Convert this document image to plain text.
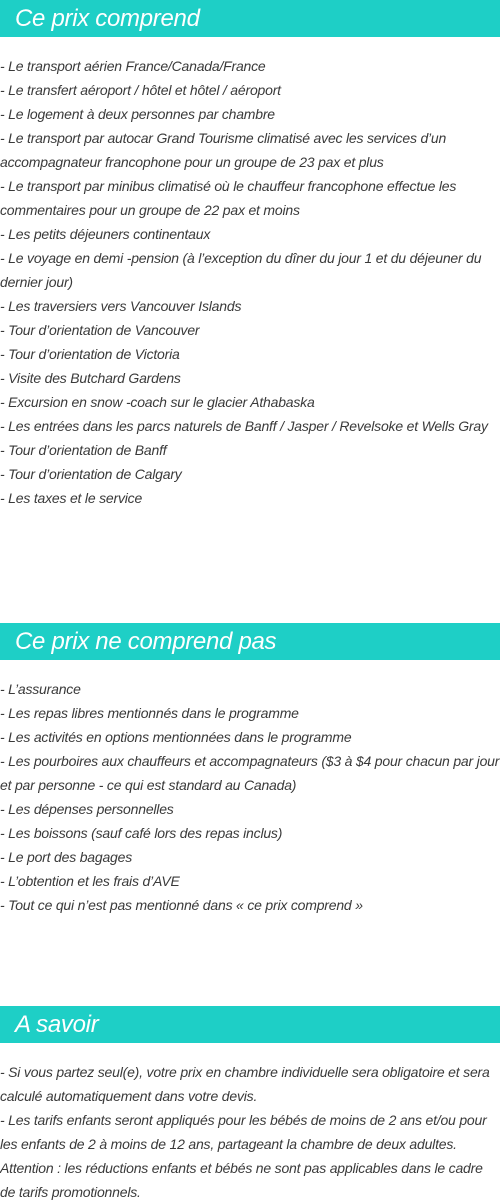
Ce prix comprend
- Le transport aérien France/Canada/France
- Le transfert aéroport / hôtel et hôtel / aéroport
- Le logement à deux personnes par chambre
- Le transport par autocar Grand Tourisme climatisé avec les services d’un accompagnateur francophone pour un groupe de 23 pax et plus
- Le transport par minibus climatisé où le chauffeur francophone effectue les commentaires pour un groupe de 22 pax et moins
- Les petits déjeuners continentaux
- Le voyage en demi -pension (à l’exception du dîner du jour 1 et du déjeuner du dernier jour)
- Les traversiers vers Vancouver Islands
- Tour d’orientation de Vancouver
- Tour d’orientation de Victoria
- Visite des Butchard Gardens
- Excursion en snow -coach sur le glacier Athabaska
- Les entrées dans les parcs naturels de Banff / Jasper / Revelsoke et Wells Gray
- Tour d’orientation de Banff
- Tour d’orientation de Calgary
- Les taxes et le service
Ce prix ne comprend pas
- L’assurance
- Les repas libres mentionnés dans le programme
- Les activités en options mentionnées dans le programme
- Les pourboires aux chauffeurs et accompagnateurs ($3 à $4 pour chacun par jour et par personne - ce qui est standard au Canada)
- Les dépenses personnelles
- Les boissons (sauf café lors des repas inclus)
- Le port des bagages
- L’obtention et les frais d’AVE
- Tout ce qui n’est pas mentionné dans « ce prix comprend »
A savoir
- Si vous partez seul(e), votre prix en chambre individuelle sera obligatoire et sera calculé automatiquement dans votre devis.
- Les tarifs enfants seront appliqués pour les bébés de moins de 2 ans et/ou pour les enfants de 2 à moins de 12 ans, partageant la chambre de deux adultes.
Attention : les réductions enfants et bébés ne sont pas applicables dans le cadre de tarifs promotionnels.
